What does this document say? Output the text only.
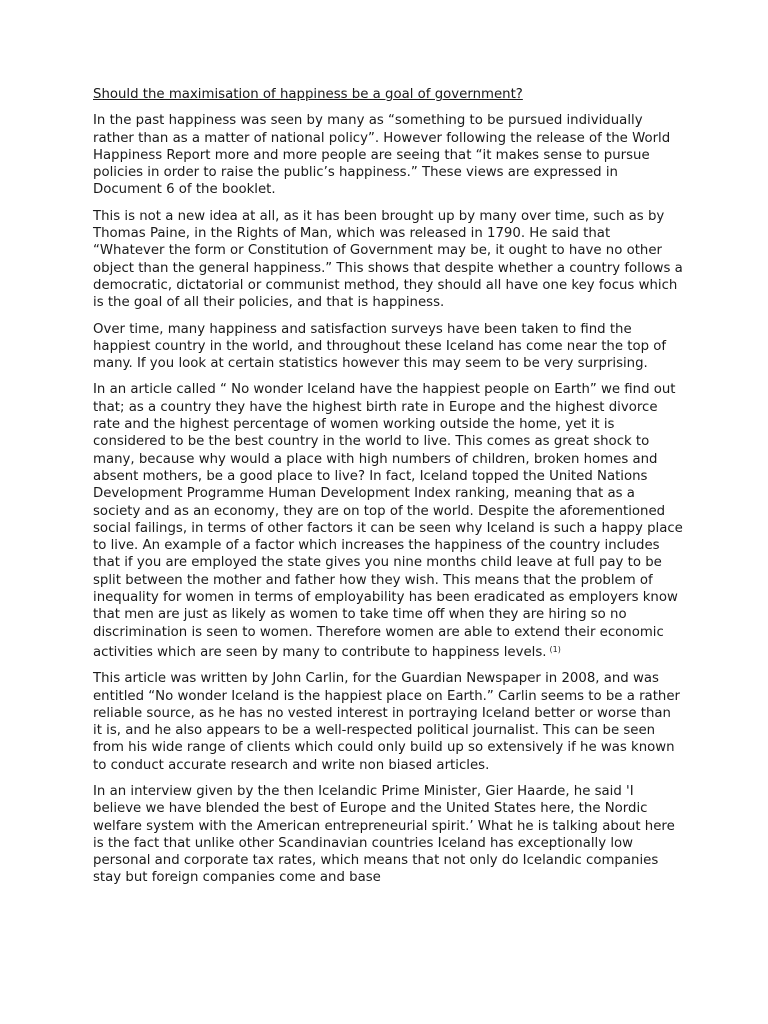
Should the maximisation of happiness be a goal of government?

In the past happiness was seen by many as “something to be pursued individually rather than as a matter of national policy”. However following the release of the World Happiness Report more and more people are seeing that “it makes sense to pursue policies in order to raise the public’s happiness.” These views are expressed in Document 6 of the booklet.

This is not a new idea at all, as it has been brought up by many over time, such as by Thomas Paine, in the Rights of Man, which was released in 1790. He said that “Whatever the form or Constitution of Government may be, it ought to have no other object than the general happiness.” This shows that despite whether a country follows a democratic, dictatorial or communist method, they should all have one key focus which is the goal of all their policies, and that is happiness.

Over time, many happiness and satisfaction surveys have been taken to find the happiest country in the world, and throughout these Iceland has come near the top of many. If you look at certain statistics however this may seem to be very surprising.

In an article called “ No wonder Iceland have the happiest people on Earth” we find out that; as a country they have the highest birth rate in Europe and the highest divorce rate and the highest percentage of women working outside the home, yet it is considered to be the best country in the world to live. This comes as great shock to many, because why would a place with high numbers of children, broken homes and absent mothers, be a good place to live? In fact, Iceland topped the United Nations Development Programme Human Development Index ranking, meaning that as a society and as an economy, they are on top of the world. Despite the aforementioned social failings, in terms of other factors it can be seen why Iceland is such a happy place to live. An example of a factor which increases the happiness of the country includes that if you are employed the state gives you nine months child leave at full pay to be split between the mother and father how they wish. This means that the problem of inequality for women in terms of employability has been eradicated as employers know that men are just as likely as women to take time off when they are hiring so no discrimination is seen to women. Therefore women are able to extend their economic activities which are seen by many to contribute to happiness levels. $^{(1)}$

This article was written by John Carlin, for the Guardian Newspaper in 2008, and was entitled “No wonder Iceland is the happiest place on Earth.” Carlin seems to be a rather reliable source, as he has no vested interest in portraying Iceland better or worse than it is, and he also appears to be a well-respected political journalist. This can be seen from his wide range of clients which could only build up so extensively if he was known to conduct accurate research and write non biased articles.

In an interview given by the then Icelandic Prime Minister, Gier Haarde, he said 'I believe we have blended the best of Europe and the United States here, the Nordic welfare system with the American entrepreneurial spirit.’ What he is talking about here is the fact that unlike other Scandinavian countries Iceland has exceptionally low personal and corporate tax rates, which means that not only do Icelandic companies stay but foreign companies come and base
